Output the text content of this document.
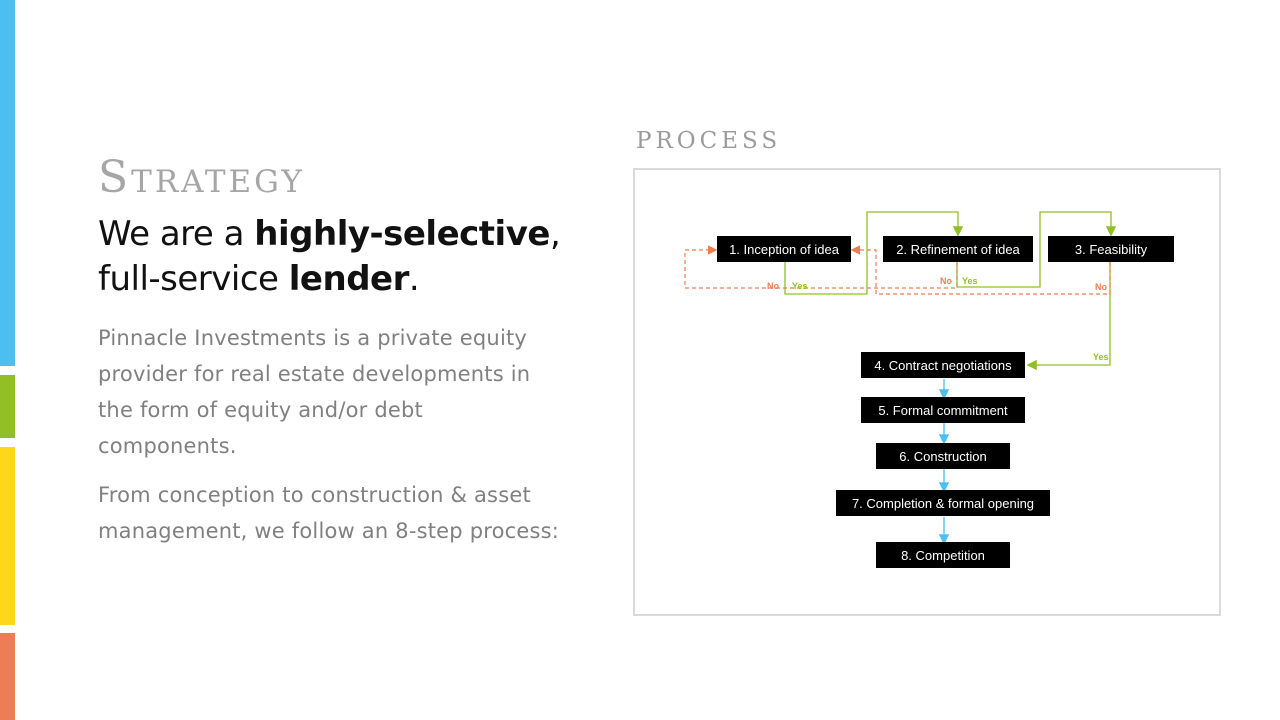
Strategy
We are a highly-selective, full-service lender.
Pinnacle Investments is a private equity provider for real estate developments in the form of equity and/or debt components.
From conception to construction & asset management, we follow an 8-step process:
PROCESS
1. Inception of idea	2. Refinement of idea	3. Feasibility
4. Contract negotiations
5. Formal commitment
6. Construction
7. Completion & formal opening
8. Competition
No Yes	No Yes
No
Yes
